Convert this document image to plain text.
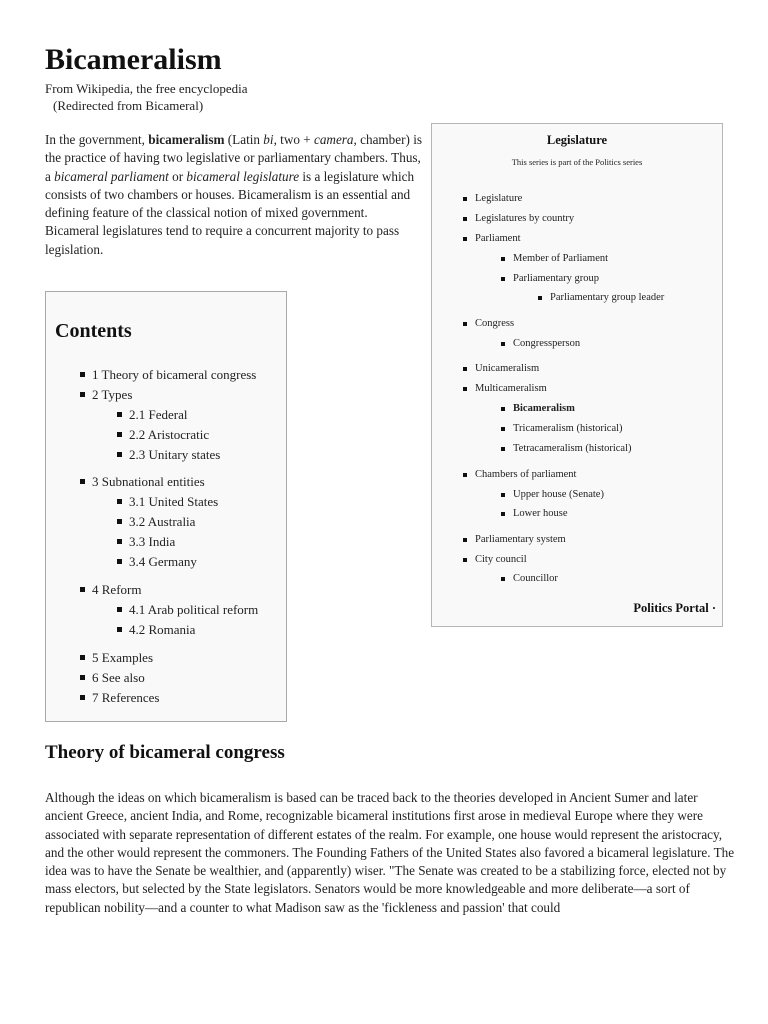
Bicameralism
From Wikipedia, the free encyclopedia
(Redirected from Bicameral)

In the government, bicameralism (Latin bi, two + camera, chamber) is the practice of having two legislative or parliamentary chambers. Thus, a bicameral parliament or bicameral legislature is a legislature which consists of two chambers or houses. Bicameralism is an essential and defining feature of the classical notion of mixed government. Bicameral legislatures tend to require a concurrent majority to pass legislation.

Contents
1 Theory of bicameral congress
2 Types
2.1 Federal
2.2 Aristocratic
2.3 Unitary states
3 Subnational entities
3.1 United States
3.2 Australia
3.3 India
3.4 Germany
4 Reform
4.1 Arab political reform
4.2 Romania
5 Examples
6 See also
7 References
Legislature
This series is part of the Politics series
Legislature
Legislatures by country
Parliament
Member of Parliament
Parliamentary group
Parliamentary group leader
Congress
Congressperson
Unicameralism
Multicameralism
Bicameralism
Tricameralism (historical)
Tetracameralism (historical)
Chambers of parliament
Upper house (Senate)
Lower house
Parliamentary system
City council
Councillor
Politics Portal ·
Theory of bicameral congress

Although the ideas on which bicameralism is based can be traced back to the theories developed in Ancient Sumer and later ancient Greece, ancient India, and Rome, recognizable bicameral institutions first arose in medieval Europe where they were associated with separate representation of different estates of the realm. For example, one house would represent the aristocracy, and the other would represent the commoners. The Founding Fathers of the United States also favored a bicameral legislature. The idea was to have the Senate be wealthier, and (apparently) wiser. "The Senate was created to be a stabilizing force, elected not by mass electors, but selected by the State legislators. Senators would be more knowledgeable and more deliberate—a sort of republican nobility—and a counter to what Madison saw as the 'fickleness and passion' that could
